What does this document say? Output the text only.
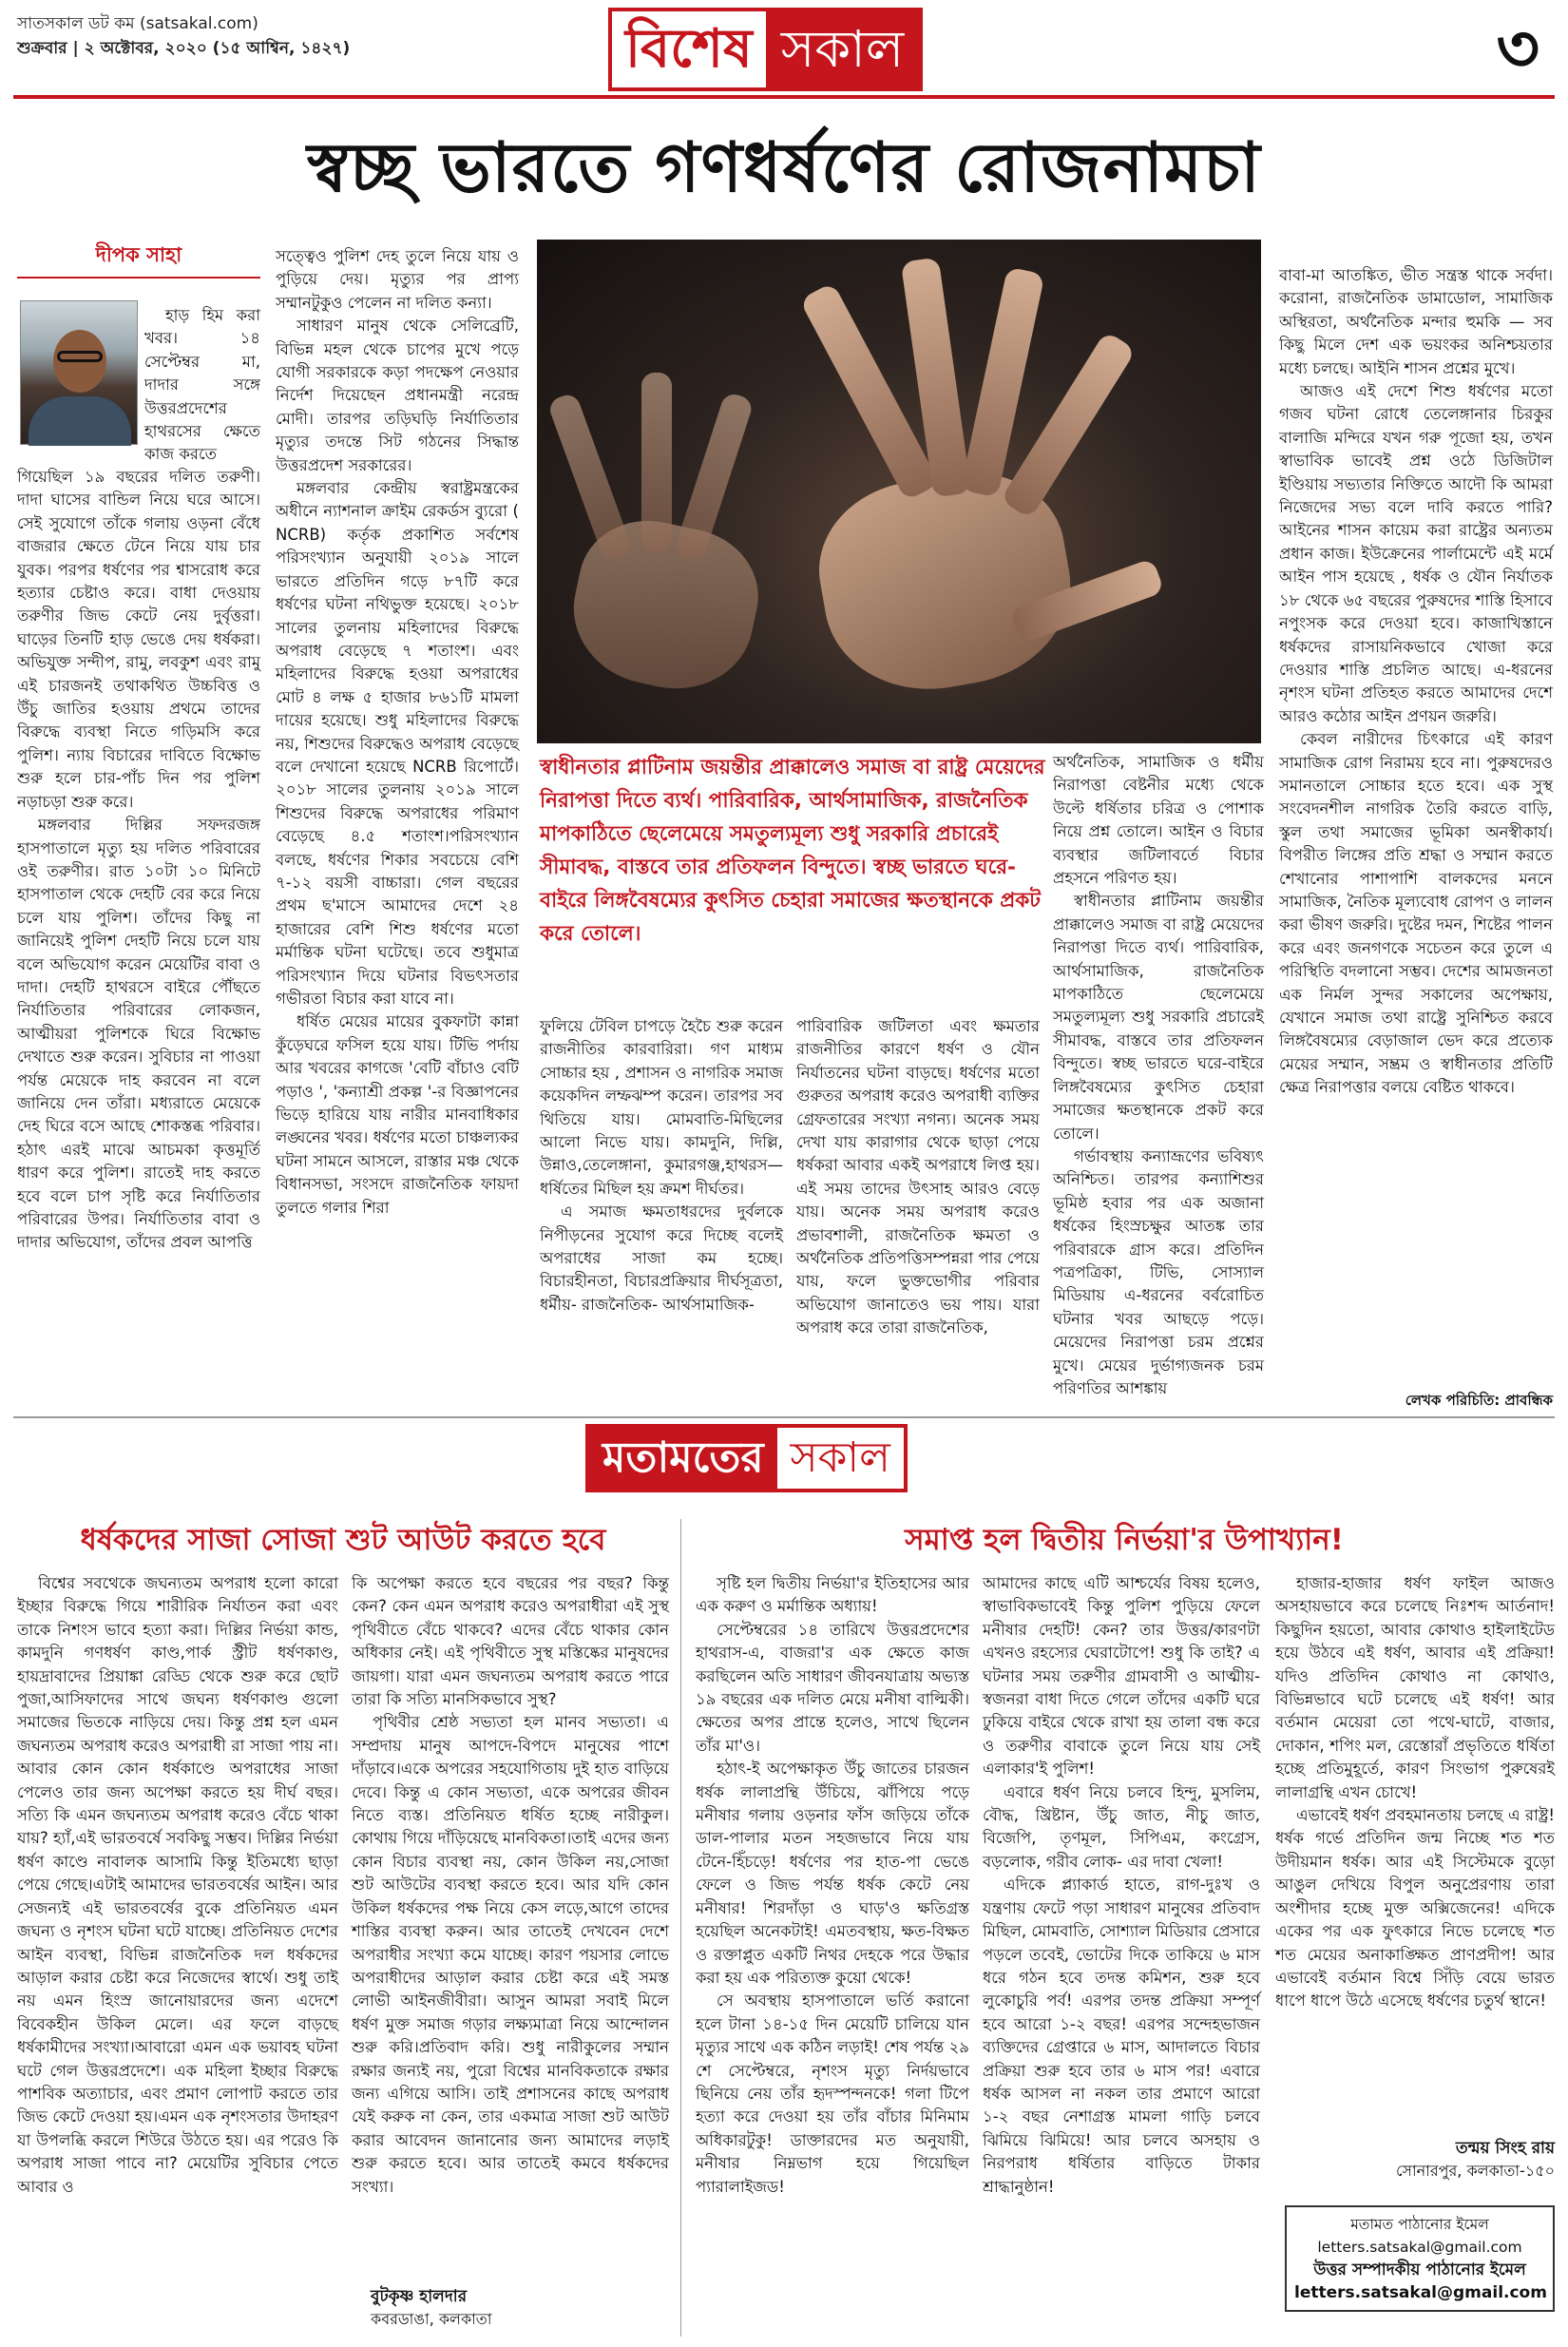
সাতসকাল ডট কম (satsakal.com)
শুক্রবার | ২ অক্টোবর, ২০২০ (১৫ আশ্বিন, ১৪২৭)	বিশেষ সকাল	৩
স্বচ্ছ ভারতে গণধর্ষণের রোজনামচা
দীপক সাহা

হাড় হিম করা খবর। ১৪ সেপ্টেম্বর মা, দাদার সঙ্গে উত্তরপ্রদেশের হাথরসের ক্ষেতে কাজ করতে

গিয়েছিল ১৯ বছরের দলিত তরুণী। দাদা ঘাসের বান্ডিল নিয়ে ঘরে আসে। সেই সুযোগে তাঁকে গলায় ওড়না বেঁধে বাজরার ক্ষেতে টেনে নিয়ে যায় চার যুবক। পরপর ধর্ষণের পর শ্বাসরোধ করে হত্যার চেষ্টাও করে। বাধা দেওয়ায় তরুণীর জিভ কেটে নেয় দুর্বৃত্তরা। ঘাড়ের তিনটি হাড় ভেঙে দেয় ধর্ষকরা। অভিযুক্ত সন্দীপ, রামু, লবকুশ এবং রামু এই চারজনই তথাকথিত উচ্চবিত্ত ও উঁচু জাতির হওয়ায় প্রথমে তাদের বিরুদ্ধে ব্যবস্থা নিতে গড়িমসি করে পুলিশ। ন্যায় বিচারের দাবিতে বিক্ষোভ শুরু হলে চার-পাঁচ দিন পর পুলিশ নড়াচড়া শুরু করে।

মঙ্গলবার দিল্লির সফদরজঙ্গ হাসপাতালে মৃত্যু হয় দলিত পরিবারের ওই তরুণীর। রাত ১০টা ১০ মিনিটে হাসপাতাল থেকে দেহটি বের করে নিয়ে চলে যায় পুলিশ। তাঁদের কিছু না জানিয়েই পুলিশ দেহটি নিয়ে চলে যায় বলে অভিযোগ করেন মেয়েটির বাবা ও দাদা। দেহটি হাথরসে বাইরে পৌঁছতে নির্যাতিতার পরিবারের লোকজন, আত্মীয়রা পুলিশকে ঘিরে বিক্ষোভ দেখাতে শুরু করেন। সুবিচার না পাওয়া পর্যন্ত মেয়েকে দাহ করবেন না বলে জানিয়ে দেন তাঁরা। মধ্যরাতে মেয়েকে দেহ ঘিরে বসে আছে শোকস্তব্ধ পরিবার। হঠাৎ এরই মাঝে আচমকা কৃত্তমূর্তি ধারণ করে পুলিশ। রাতেই দাহ করতে হবে বলে চাপ সৃষ্টি করে নির্যাতিতার পরিবারের উপর। নির্যাতিতার বাবা ও দাদার অভিযোগ, তাঁদের প্রবল আপত্তি

সত্ত্বেও পুলিশ দেহ তুলে নিয়ে যায় ও পুড়িয়ে দেয়। মৃত্যুর পর প্রাপ্য সম্মানটুকুও পেলেন না দলিত কন্যা।

সাধারণ মানুষ থেকে সেলিব্রেটি, বিভিন্ন মহল থেকে চাপের মুখে পড়ে যোগী সরকারকে কড়া পদক্ষেপ নেওয়ার নির্দেশ দিয়েছেন প্রধানমন্ত্রী নরেন্দ্র মোদী। তারপর তড়িঘড়ি নির্যাতিতার মৃত্যুর তদন্তে সিট গঠনের সিদ্ধান্ত উত্তরপ্রদেশ সরকারের।

মঙ্গলবার কেন্দ্রীয় স্বরাষ্ট্রমন্ত্রকের অধীনে ন্যাশনাল ক্রাইম রেকর্ডস ব্যুরো ( NCRB) কর্তৃক প্রকাশিত সর্বশেষ পরিসংখ্যান অনুযায়ী ২০১৯ সালে ভারতে প্রতিদিন গড়ে ৮৭টি করে ধর্ষণের ঘটনা নথিভুক্ত হয়েছে। ২০১৮ সালের তুলনায় মহিলাদের বিরুদ্ধে অপরাধ বেড়েছে ৭ শতাংশ। এবং মহিলাদের বিরুদ্ধে হওয়া অপরাধের মোট ৪ লক্ষ ৫ হাজার ৮৬১টি মামলা দায়ের হয়েছে। শুধু মহিলাদের বিরুদ্ধে নয়, শিশুদের বিরুদ্ধেও অপরাধ বেড়েছে বলে দেখানো হয়েছে NCRB রিপোর্টে। ২০১৮ সালের তুলনায় ২০১৯ সালে শিশুদের বিরুদ্ধে অপরাধের পরিমাণ বেড়েছে ৪.৫ শতাংশ।পরিসংখ্যান বলছে, ধর্ষণের শিকার সবচেয়ে বেশি ৭-১২ বয়সী বাচ্চারা। গেল বছরের প্রথম ছ'মাসে আমাদের দেশে ২৪ হাজারের বেশি শিশু ধর্ষণের মতো মর্মান্তিক ঘটনা ঘটেছে। তবে শুধুমাত্র পরিসংখ্যান দিয়ে ঘটনার বিভৎসতার গভীরতা বিচার করা যাবে না।

ধর্ষিত মেয়ের মায়ের বুকফাটা কান্না কুঁড়েঘরে ফসিল হয়ে যায়। টিভি পর্দায় আর খবরের কাগজে 'বেটি বাঁচাও বেটি পড়াও ', 'কন্যাশ্রী প্রকল্প '-র বিজ্ঞাপনের ভিড়ে হারিয়ে যায় নারীর মানবাধিকার লঙ্ঘনের খবর। ধর্ষণের মতো চাঞ্চল্যকর ঘটনা সামনে আসলে, রাস্তার মঞ্চ থেকে বিধানসভা, সংসদে রাজনৈতিক ফায়দা তুলতে গলার শিরা

স্বাধীনতার প্লাটিনাম জয়ন্তীর প্রাক্কালেও সমাজ বা রাষ্ট্র মেয়েদের নিরাপত্তা দিতে ব্যর্থ। পারিবারিক, আর্থসামাজিক, রাজনৈতিক মাপকাঠিতে ছেলেমেয়ে সমতুল্যমূল্য শুধু সরকারি প্রচারেই সীমাবদ্ধ, বাস্তবে তার প্রতিফলন বিন্দুতে। স্বচ্ছ ভারতে ঘরে-বাইরে লিঙ্গবৈষম্যের কুৎসিত চেহারা সমাজের ক্ষতস্থানকে প্রকট করে তোলে।

ফুলিয়ে টেবিল চাপড়ে হৈচৈ শুরু করেন রাজনীতির কারবারিরা। গণ মাধ্যম সোচ্চার হয় , প্রশাসন ও নাগরিক সমাজ কয়েকদিন লম্ফঝম্প করেন। তারপর সব থিতিয়ে যায়। মোমবাতি-মিছিলের আলো নিভে যায়। কামদুনি, দিল্লি, উন্নাও,তেলেঙ্গানা, কুমারগঞ্জ,হাথরস— ধর্ষিতের মিছিল হয় ক্রমশ দীর্ঘতর।

এ সমাজ ক্ষমতাধরদের দুর্বলকে নিপীড়নের সুযোগ করে দিচ্ছে বলেই অপরাধের সাজা কম হচ্ছে। বিচারহীনতা, বিচারপ্রক্রিয়ার দীর্ঘসূত্রতা, ধর্মীয়- রাজনৈতিক- আর্থসামাজিক-

পারিবারিক জটিলতা এবং ক্ষমতার রাজনীতির কারণে ধর্ষণ ও যৌন নির্যাতনের ঘটনা বাড়ছে। ধর্ষণের মতো গুরুতর অপরাধ করেও অপরাধী ব্যক্তির গ্রেফতারের সংখ্যা নগন্য। অনেক সময় দেখা যায় কারাগার থেকে ছাড়া পেয়ে ধর্ষকরা আবার একই অপরাধে লিপ্ত হয়। এই সময় তাদের উৎসাহ আরও বেড়ে যায়। অনেক সময় অপরাধ করেও প্রভাবশালী, রাজনৈতিক ক্ষমতা ও অর্থনৈতিক প্রতিপত্তিসম্পন্নরা পার পেয়ে যায়, ফলে ভুক্তভোগীর পরিবার অভিযোগ জানাতেও ভয় পায়। যারা অপরাধ করে তারা রাজনৈতিক,

অর্থনৈতিক, সামাজিক ও ধর্মীয় নিরাপত্তা বেষ্টনীর মধ্যে থেকে উল্টে ধর্ষিতার চরিত্র ও পোশাক নিয়ে প্রশ্ন তোলে। আইন ও বিচার ব্যবস্থার জটিলাবর্তে বিচার প্রহসনে পরিণত হয়।

স্বাধীনতার প্লাটিনাম জয়ন্তীর প্রাক্কালেও সমাজ বা রাষ্ট্র মেয়েদের নিরাপত্তা দিতে ব্যর্থ। পারিবারিক, আর্থসামাজিক, রাজনৈতিক মাপকাঠিতে ছেলেমেয়ে সমতুল্যমূল্য শুধু সরকারি প্রচারেই সীমাবদ্ধ, বাস্তবে তার প্রতিফলন বিন্দুতে। স্বচ্ছ ভারতে ঘরে-বাইরে লিঙ্গবৈষম্যের কুৎসিত চেহারা সমাজের ক্ষতস্থানকে প্রকট করে তোলে।

গর্ভাবস্থায় কন্যাভ্রূণের ভবিষ্যৎ অনিশ্চিত। তারপর কন্যাশিশুর ভূমিষ্ঠ হবার পর এক অজানা ধর্ষকের হিংস্রচক্ষুর আতঙ্ক তার পরিবারকে গ্রাস করে। প্রতিদিন পত্রপত্রিকা, টিভি, সোস্যাল মিডিয়ায় এ-ধরনের বর্বরোচিত ঘটনার খবর আছড়ে পড়ে। মেয়েদের নিরাপত্তা চরম প্রশ্নের মুখে। মেয়ের দুর্ভাগ্যজনক চরম পরিণতির আশঙ্কায়

বাবা-মা আতঙ্কিত, ভীত সন্ত্রস্ত থাকে সর্বদা। করোনা, রাজনৈতিক ডামাডোল, সামাজিক অস্থিরতা, অর্থনৈতিক মন্দার হুমকি — সব কিছু মিলে দেশ এক ভয়ংকর অনিশ্চয়তার মধ্যে চলছে। আইনি শাসন প্রশ্নের মুখে।

আজও এই দেশে শিশু ধর্ষণের মতো গজব ঘটনা রোধে তেলেঙ্গানার চিরকুর বালাজি মন্দিরে যখন গরু পূজো হয়, তখন স্বাভাবিক ভাবেই প্রশ্ন ওঠে ডিজিটাল ইণ্ডিয়ায় সভ্যতার নিক্তিতে আদৌ কি আমরা নিজেদের সভ্য বলে দাবি করতে পারি? আইনের শাসন কায়েম করা রাষ্ট্রের অন্যতম প্রধান কাজ। ইউক্রেনের পার্লামেন্টে এই মর্মে আইন পাস হয়েছে , ধর্ষক ও যৌন নির্যাতক ১৮ থেকে ৬৫ বছরের পুরুষদের শাস্তি হিসাবে নপুংসক করে দেওয়া হবে। কাজাখিস্তানে ধর্ষকদের রাসায়নিকভাবে খোজা করে দেওয়ার শাস্তি প্রচলিত আছে। এ-ধরনের নৃশংস ঘটনা প্রতিহত করতে আমাদের দেশে আরও কঠোর আইন প্রণয়ন জরুরি।

কেবল নারীদের চিৎকারে এই কারণ সামাজিক রোগ নিরাময় হবে না। পুরুষদেরও সমানতালে সোচ্চার হতে হবে। এক সুস্থ সংবেদনশীল নাগরিক তৈরি করতে বাড়ি, স্কুল তথা সমাজের ভূমিকা অনস্বীকার্য। বিপরীত লিঙ্গের প্রতি শ্রদ্ধা ও সম্মান করতে শেখানোর পাশাপাশি বালকদের মননে সামাজিক, নৈতিক মূল্যবোধ রোপণ ও লালন করা ভীষণ জরুরি। দুষ্টের দমন, শিষ্টের পালন করে এবং জনগণকে সচেতন করে তুলে এ পরিস্থিতি বদলানো সম্ভব। দেশের আমজনতা এক নির্মল সুন্দর সকালের অপেক্ষায়, যেখানে সমাজ তথা রাষ্ট্রে সুনিশ্চিত করবে লিঙ্গবৈষম্যের বেড়াজাল ভেদ করে প্রত্যেক মেয়ের সম্মান, সম্ভ্রম ও স্বাধীনতার প্রতিটি ক্ষেত্র নিরাপত্তার বলয়ে বেষ্টিত থাকবে।

লেখক পরিচিতি: প্রাবন্ধিক
মতামতের সকাল
ধর্ষকদের সাজা সোজা শুট আউট করতে হবে	সমাপ্ত হল দ্বিতীয় নির্ভয়া'র উপাখ্যান!

বিশ্বের সবথেকে জঘন্যতম অপরাধ হলো কারো ইচ্ছার বিরুদ্ধে গিয়ে শারীরিক নির্যাতন করা এবং তাকে নিশংস ভাবে হত্যা করা। দিল্লির নির্ভয়া কান্ড, কামদুনি গণধর্ষণ কাণ্ড,পার্ক স্ট্রীট ধর্ষণকাণ্ড, হায়দ্রাবাদের প্রিয়াঙ্কা রেড্ডি থেকে শুরু করে ছোট পুজা,আসিফাদের সাথে জঘন্য ধর্ষণকাণ্ড গুলো সমাজের ভিতকে নাড়িয়ে দেয়। কিন্তু প্রশ্ন হল এমন জঘন্যতম অপরাধ করেও অপরাধী রা সাজা পায় না।আবার কোন কোন ধর্ষকাণ্ডে অপরাধের সাজা পেলেও তার জন্য অপেক্ষা করতে হয় দীর্ঘ বছর। সত্যি কি এমন জঘন্যতম অপরাধ করেও বেঁচে থাকা যায়? হ্যাঁ,এই ভারতবর্ষে সবকিছু সম্ভব। দিল্লির নির্ভয়া ধর্ষণ কাণ্ডে নাবালক আসামি কিন্তু ইতিমধ্যে ছাড়া পেয়ে গেছে।এটাই আমাদের ভারতবর্ষের আইন। আর সেজন্যই এই ভারতবর্ষের বুকে প্রতিনিয়ত এমন জঘন্য ও নৃশংস ঘটনা ঘটে যাচ্ছে। প্রতিনিয়ত দেশের আইন ব্যবস্থা, বিভিন্ন রাজনৈতিক দল ধর্ষকদের আড়াল করার চেষ্টা করে নিজেদের স্বার্থে। শুধু তাই নয় এমন হিংস্র জানোয়ারদের জন্য এদেশে বিবেকহীন উকিল মেলে। এর ফলে বাড়ছে ধর্ষকামীদের সংখ্যা।আবারো এমন এক ভয়াবহ ঘটনা ঘটে গেল উত্তরপ্রদেশে। এক মহিলা ইচ্ছার বিরুদ্ধে পাশবিক অত্যাচার, এবং প্রমাণ লোপাট করতে তার জিভ কেটে দেওয়া হয়।এমন এক নৃশংসতার উদাহরণ যা উপলব্ধি করলে শিউরে উঠতে হয়। এর পরেও কি অপরাধ সাজা পাবে না? মেয়েটির সুবিচার পেতে আবার ও

কি অপেক্ষা করতে হবে বছরের পর বছর? কিন্তু কেন? কেন এমন অপরাধ করেও অপরাধীরা এই সুস্থ পৃথিবীতে বেঁচে থাকবে? এদের বেঁচে থাকার কোন অধিকার নেই। এই পৃথিবীতে সুস্থ মস্তিষ্কের মানুষদের জায়গা। যারা এমন জঘন্যতম অপরাধ করতে পারে তারা কি সত্যি মানসিকভাবে সুস্থ?

পৃথিবীর শ্রেষ্ঠ সভ্যতা হল মানব সভ্যতা। এ সম্প্রদায় মানুষ আপদে-বিপদে মানুষের পাশে দাঁড়াবে।একে অপরের সহযোগিতায় দুই হাত বাড়িয়ে দেবে। কিন্তু এ কোন সভ্যতা, একে অপরের জীবন নিতে ব্যস্ত। প্রতিনিয়ত ধর্ষিত হচ্ছে নারীকুল। কোথায় গিয়ে দাঁড়িয়েছে মানবিকতা।তাই এদের জন্য কোন বিচার ব্যবস্থা নয়, কোন উকিল নয়,সোজা শুট আউটের ব্যবস্থা করতে হবে। আর যদি কোন উকিল ধর্ষকদের পক্ষ নিয়ে কেস লড়ে,আগে তাদের শাস্তির ব্যবস্থা করুন। আর তাতেই দেখবেন দেশে অপরাধীর সংখ্যা কমে যাচ্ছে। কারণ পয়সার লোভে অপরাধীদের আড়াল করার চেষ্টা করে এই সমস্ত লোভী আইনজীবীরা। আসুন আমরা সবাই মিলে ধর্ষণ মুক্ত সমাজ গড়ার লক্ষ্যমাত্রা নিয়ে আন্দোলন শুরু করি।প্রতিবাদ করি। শুধু নারীকুলের সম্মান রক্ষার জন্যই নয়, পুরো বিশ্বের মানবিকতাকে রক্ষার জন্য এগিয়ে আসি। তাই প্রশাসনের কাছে অপরাধ যেই করুক না কেন, তার একমাত্র সাজা শুট আউট করার আবেদন জানানোর জন্য আমাদের লড়াই শুরু করতে হবে। আর তাতেই কমবে ধর্ষকদের সংখ্যা।

বুটকৃষ্ণ হালদার
কবরডাঙা, কলকাতা

সৃষ্টি হল দ্বিতীয় নির্ভয়া'র ইতিহাসের আর এক করুণ ও মর্মান্তিক অধ্যায়!

সেপ্টেম্বরের ১৪ তারিখে উত্তরপ্রদেশের হাথরাস-এ, বাজরা'র এক ক্ষেতে কাজ করছিলেন অতি সাধারণ জীবনযাত্রায় অভ্যস্ত ১৯ বছরের এক দলিত মেয়ে মনীষা বাল্মিকী। ক্ষেতের অপর প্রান্তে হলেও, সাথে ছিলেন তাঁর মা'ও।

হঠাৎ-ই অপেক্ষাকৃত উঁচু জাতের চারজন ধর্ষক লালাপ্রন্থি উঁচিয়ে, ঝাঁপিয়ে পড়ে মনীষার গলায় ওড়নার ফাঁস জড়িয়ে তাঁকে ডাল-পালার মতন সহজভাবে নিয়ে যায় টেনে-হিঁচড়ে! ধর্ষণের পর হাত-পা ভেঙে ফেলে ও জিভ পর্যন্ত ধর্ষক কেটে নেয় মনীষার! শিরদাঁড়া ও ঘাড়'ও ক্ষতিগ্রস্ত হয়েছিল অনেকটাই! এমতবস্থায়, ক্ষত-বিক্ষত ও রক্তাপ্লুত একটি নিথর দেহকে পরে উদ্ধার করা হয় এক পরিত্যক্ত কুয়ো থেকে!

সে অবস্থায় হাসপাতালে ভর্তি করানো হলে টানা ১৪-১৫ দিন মেয়েটি চালিয়ে যান মৃত্যুর সাথে এক কঠিন লড়াই! শেষ পর্যন্ত ২৯ শে সেপ্টেম্বরে, নৃশংস মৃত্যু নির্দয়ভাবে ছিনিয়ে নেয় তাঁর হৃদস্পন্দনকে! গলা টিপে হত্যা করে দেওয়া হয় তাঁর বাঁচার মিনিমাম অধিকারটুকু! ডাক্তারদের মত অনুযায়ী, মনীষার নিম্নভাগ হয়ে গিয়েছিল প্যারালাইজড!

আমাদের কাছে এটি আশ্চর্যের বিষয় হলেও, স্বাভাবিকভাবেই কিন্তু পুলিশ পুড়িয়ে ফেলে মনীষার দেহটি! কেন? তার উত্তর/কারণটা এখনও রহস্যের ঘেরাটোপে! শুধু কি তাই? এ ঘটনার সময় তরুণীর গ্রামবাসী ও আত্মীয়-স্বজনরা বাধা দিতে গেলে তাঁদের একটি ঘরে ঢুকিয়ে বাইরে থেকে রাখা হয় তালা বন্ধ করে ও তরুণীর বাবাকে তুলে নিয়ে যায় সেই এলাকার'ই পুলিশ!

এবারে ধর্ষণ নিয়ে চলবে হিন্দু, মুসলিম, বৌদ্ধ, খ্রিষ্টান, উঁচু জাত, নীচু জাত, বিজেপি, তৃণমূল, সিপিএম, কংগ্রেস, বড়লোক, গরীব লোক- এর দাবা খেলা!

এদিকে প্ল্যাকার্ড হাতে, রাগ-দুঃখ ও যন্ত্রণায় ফেটে পড়া সাধারণ মানুষের প্রতিবাদ মিছিল, মোমবাতি, সোশ্যাল মিডিয়ার প্রেসারে পড়লে তবেই, ভোটের দিকে তাকিয়ে ৬ মাস ধরে গঠন হবে তদন্ত কমিশন, শুরু হবে লুকোচুরি পর্ব! এরপর তদন্ত প্রক্রিয়া সম্পূর্ণ হবে আরো ১-২ বছর! এরপর সন্দেহভাজন ব্যক্তিদের গ্রেপ্তারে ৬ মাস, আদালতে বিচার প্রক্রিয়া শুরু হবে তার ৬ মাস পর! এবারে ধর্ষক আসল না নকল তার প্রমাণে আরো ১-২ বছর নেশাগ্রস্ত মামলা গাড়ি চলবে ঝিমিয়ে ঝিমিয়ে! আর চলবে অসহায় ও নিরপরাধ ধর্ষিতার বাড়িতে টাকার শ্রাদ্ধানুষ্ঠান!

হাজার-হাজার ধর্ষণ ফাইল আজও অসহায়ভাবে করে চলেছে নিঃশব্দ আর্তনাদ! কিছুদিন হয়তো, আবার কোথাও হাইলাইটেড হয়ে উঠবে এই ধর্ষণ, আবার এই প্রক্রিয়া! যদিও প্রতিদিন কোথাও না কোথাও, বিভিন্নভাবে ঘটে চলেছে এই ধর্ষণ! আর বর্তমান মেয়েরা তো পথে-ঘাটে, বাজার, দোকান, শপিং মল, রেস্তোরাঁ প্রভৃতিতে ধর্ষিতা হচ্ছে প্রতিমুহূর্তে, কারণ সিংভাগ পুরুষেরই লালাগ্রন্থি এখন চোখে!

এভাবেই ধর্ষণ প্রবহমানতায় চলছে এ রাষ্ট্র! ধর্ষক গর্ভে প্রতিদিন জন্ম নিচ্ছে শত শত উদীয়মান ধর্ষক। আর এই সিস্টেমকে বুড়ো আঙুল দেখিয়ে বিপুল অনুপ্রেরণায় তারা অংশীদার হচ্ছে মুক্ত অক্সিজেনের! এদিকে একের পর এক ফুৎকারে নিভে চলেছে শত শত মেয়ের অনাকাঙ্ক্ষিত প্রাণপ্রদীপ! আর এভাবেই বর্তমান বিশ্বে সিঁড়ি বেয়ে ভারত ধাপে ধাপে উঠে এসেছে ধর্ষণের চতুর্থ স্থানে!

তন্ময় সিংহ রায়
সোনারপুর, কলকাতা-১৫০
মতামত পাঠানোর ইমেল
letters.satsakal@gmail.com
উত্তর সম্পাদকীয় পাঠানোর ইমেল
letters.satsakal@gmail.com
